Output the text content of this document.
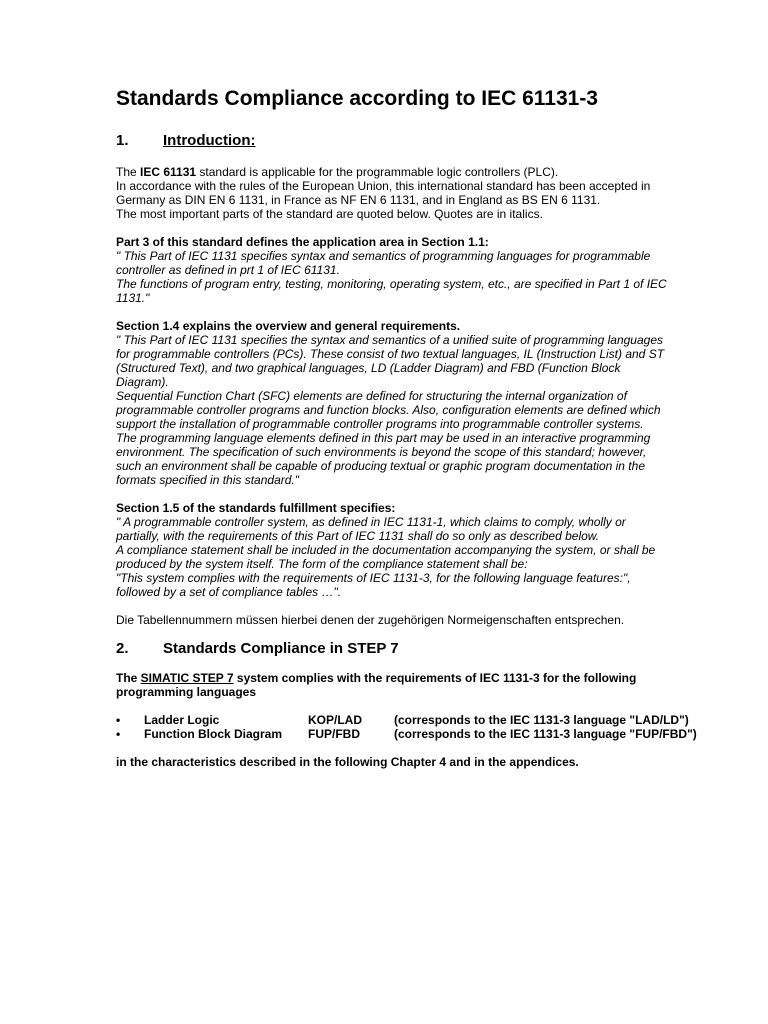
Standards Compliance according to IEC 61131-3
1. Introduction:

The IEC 61131 standard is applicable for the programmable logic controllers (PLC).

In accordance with the rules of the European Union, this international standard has been accepted in

Germany as DIN EN 6 1131, in France as NF EN 6 1131, and in England as BS EN 6 1131.

The most important parts of the standard are quoted below. Quotes are in italics.

Part 3 of this standard defines the application area in Section 1.1:

" This Part of IEC 1131 specifies syntax and semantics of programming languages for programmable

controller as defined in prt 1 of IEC 61131.

The functions of program entry, testing, monitoring, operating system, etc., are specified in Part 1 of IEC

1131."

Section 1.4 explains the overview and general requirements.

" This Part of IEC 1131 specifies the syntax and semantics of a unified suite of programming languages

for programmable controllers (PCs). These consist of two textual languages, IL (Instruction List) and ST

(Structured Text), and two graphical languages, LD (Ladder Diagram) and FBD (Function Block

Diagram).

Sequential Function Chart (SFC) elements are defined for structuring the internal organization of

programmable controller programs and function blocks. Also, configuration elements are defined which

support the installation of programmable controller programs into programmable controller systems.

The programming language elements defined in this part may be used in an interactive programming

environment. The specification of such environments is beyond the scope of this standard; however,

such an environment shall be capable of producing textual or graphic program documentation in the

formats specified in this standard."

Section 1.5 of the standards fulfillment specifies:

" A programmable controller system, as defined in IEC 1131-1, which claims to comply, wholly or

partially, with the requirements of this Part of IEC 1131 shall do so only as described below.

A compliance statement shall be included in the documentation accompanying the system, or shall be

produced by the system itself. The form of the compliance statement shall be:

"This system complies with the requirements of IEC 1131-3, for the following language features:",

followed by a set of compliance tables …".

Die Tabellennummern müssen hierbei denen der zugehörigen Normeigenschaften entsprechen.

2. Standards Compliance in STEP 7

The SIMATIC STEP 7 system complies with the requirements of IEC 1131-3 for the following

programming languages

•	Ladder Logic	KOP/LAD	(corresponds to the IEC 1131-3 language "LAD/LD")
•	Function Block Diagram	FUP/FBD	(corresponds to the IEC 1131-3 language "FUP/FBD")

in the characteristics described in the following Chapter 4 and in the appendices.
